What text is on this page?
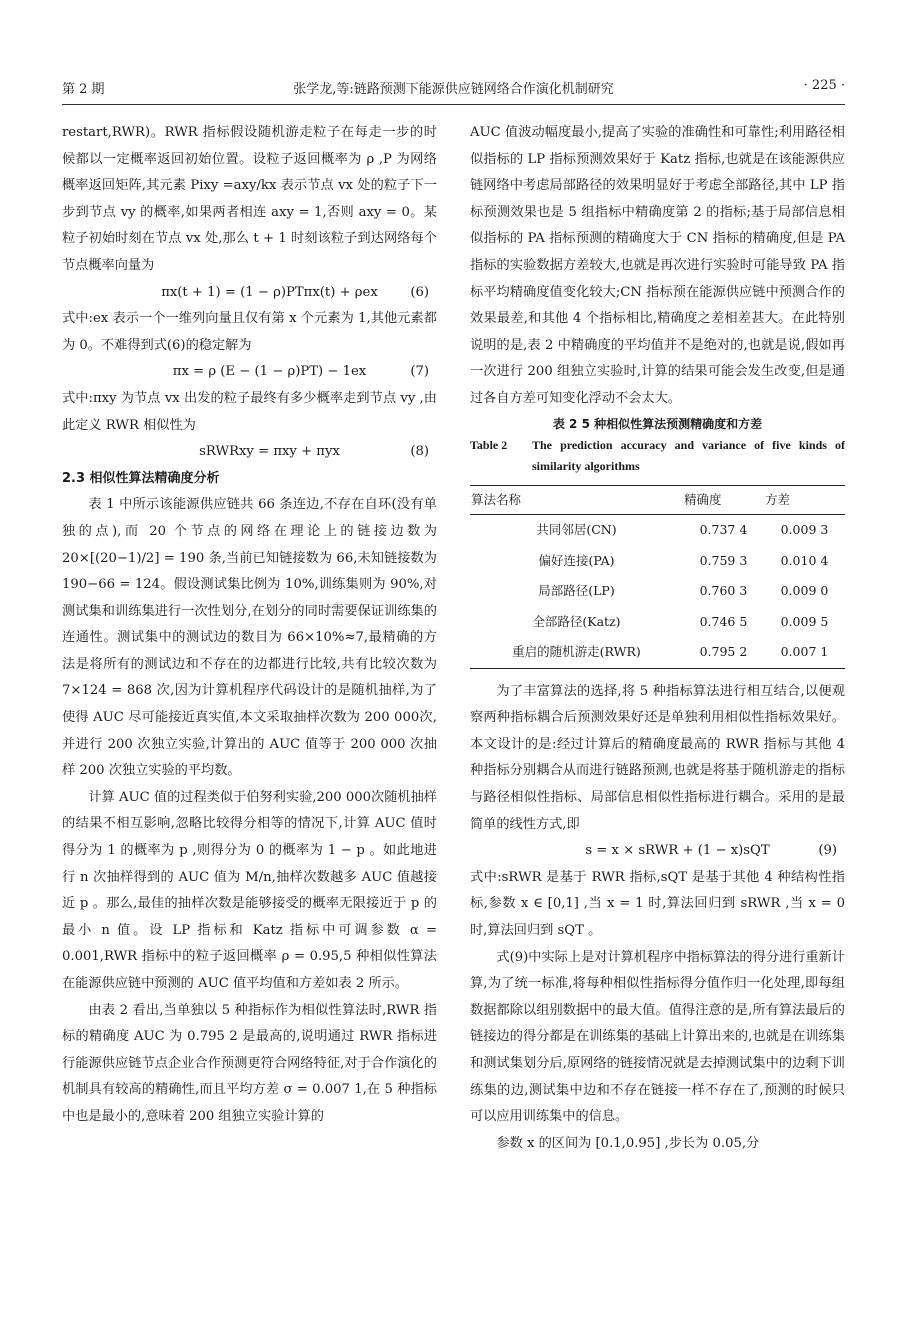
第 2 期	张学龙,等:链路预测下能源供应链网络合作演化机制研究	· 225 ·

restart,RWR)。RWR 指标假设随机游走粒子在每走一步的时候都以一定概率返回初始位置。设粒子返回概率为 ρ ,P 为网络概率返回矩阵,其元素 Pixy =axy/kx 表示节点 vx 处的粒子下一步到节点 vy 的概率,如果两者相连 axy = 1,否则 axy = 0。某粒子初始时刻在节点 vx 处,那么 t + 1 时刻该粒子到达网络每个节点概率向量为

πx(t + 1) = (1 − ρ)PTπx(t) + ρex (6)

式中:ex 表示一个一维列向量且仅有第 x 个元素为 1,其他元素都为 0。不难得到式(6)的稳定解为

πx = ρ (E − (1 − ρ)PT) − 1ex	(7)

式中:πxy 为节点 vx 出发的粒子最终有多少概率走到节点 vy ,由此定义 RWR 相似性为

sRWRxy = πxy + πyx	(8)

2.3 相似性算法精确度分析

表 1 中所示该能源供应链共 66 条连边,不存在自环(没有单独的点),而 20 个节点的网络在理论上的链接边数为 20×[(20−1)/2] = 190 条,当前已知链接数为 66,未知链接数为 190−66 = 124。假设测试集比例为 10%,训练集则为 90%,对测试集和训练集进行一次性划分,在划分的同时需要保证训练集的连通性。测试集中的测试边的数目为 66×10%≈7,最精确的方法是将所有的测试边和不存在的边都进行比较,共有比较次数为 7×124 = 868 次,因为计算机程序代码设计的是随机抽样,为了使得 AUC 尽可能接近真实值,本文采取抽样次数为 200 000次,并进行 200 次独立实验,计算出的 AUC 值等于 200 000 次抽样 200 次独立实验的平均数。

计算 AUC 值的过程类似于伯努利实验,200 000次随机抽样的结果不相互影响,忽略比较得分相等的情况下,计算 AUC 值时得分为 1 的概率为 p ,则得分为 0 的概率为 1 − p 。如此地进行 n 次抽样得到的 AUC 值为 M/n,抽样次数越多 AUC 值越接近 p 。那么,最佳的抽样次数是能够接受的概率无限接近于 p 的最小 n 值。设 LP 指标和 Katz 指标中可调参数 α = 0.001,RWR 指标中的粒子返回概率 ρ = 0.95,5 种相似性算法在能源供应链中预测的 AUC 值平均值和方差如表 2 所示。

由表 2 看出,当单独以 5 种指标作为相似性算法时,RWR 指标的精确度 AUC 为 0.795 2 是最高的,说明通过 RWR 指标进行能源供应链节点企业合作预测更符合网络特征,对于合作演化的机制具有较高的精确性,而且平均方差 σ = 0.007 1,在 5 种指标中也是最小的,意味着 200 组独立实验计算的

AUC 值波动幅度最小,提高了实验的准确性和可靠性;利用路径相似指标的 LP 指标预测效果好于 Katz 指标,也就是在该能源供应链网络中考虑局部路径的效果明显好于考虑全部路径,其中 LP 指标预测效果也是 5 组指标中精确度第 2 的指标;基于局部信息相似指标的 PA 指标预测的精确度大于 CN 指标的精确度,但是 PA 指标的实验数据方差较大,也就是再次进行实验时可能导致 PA 指标平均精确度值变化较大;CN 指标预在能源供应链中预测合作的效果最差,和其他 4 个指标相比,精确度之差相差甚大。在此特别说明的是,表 2 中精确度的平均值并不是绝对的,也就是说,假如再一次进行 200 组独立实验时,计算的结果可能会发生改变,但是通过各自方差可知变化浮动不会太大。

表 2 5 种相似性算法预测精确度和方差
Table 2	The prediction accuracy and variance of five kinds of similarity algorithms
算法名称	精确度	方差
共同邻居(CN)	0.737 4	0.009 3
偏好连接(PA)	0.759 3	0.010 4
局部路径(LP)	0.760 3	0.009 0
全部路径(Katz)	0.746 5	0.009 5
重启的随机游走(RWR)	0.795 2	0.007 1

为了丰富算法的选择,将 5 种指标算法进行相互结合,以便观察两种指标耦合后预测效果好还是单独利用相似性指标效果好。本文设计的是:经过计算后的精确度最高的 RWR 指标与其他 4 种指标分别耦合从而进行链路预测,也就是将基于随机游走的指标与路径相似性指标、局部信息相似性指标进行耦合。采用的是最简单的线性方式,即

s = x × sRWR + (1 − x)sQT	(9)

式中:sRWR 是基于 RWR 指标,sQT 是基于其他 4 种结构性指标,参数 x ∈ [0,1] ,当 x = 1 时,算法回归到 sRWR ,当 x = 0 时,算法回归到 sQT 。

式(9)中实际上是对计算机程序中指标算法的得分进行重新计算,为了统一标准,将每种相似性指标得分值作归一化处理,即每组数据都除以组别数据中的最大值。值得注意的是,所有算法最后的链接边的得分都是在训练集的基础上计算出来的,也就是在训练集和测试集划分后,原网络的链接情况就是去掉测试集中的边剩下训练集的边,测试集中边和不存在链接一样不存在了,预测的时候只可以应用训练集中的信息。

参数 x 的区间为 [0.1,0.95] ,步长为 0.05,分
